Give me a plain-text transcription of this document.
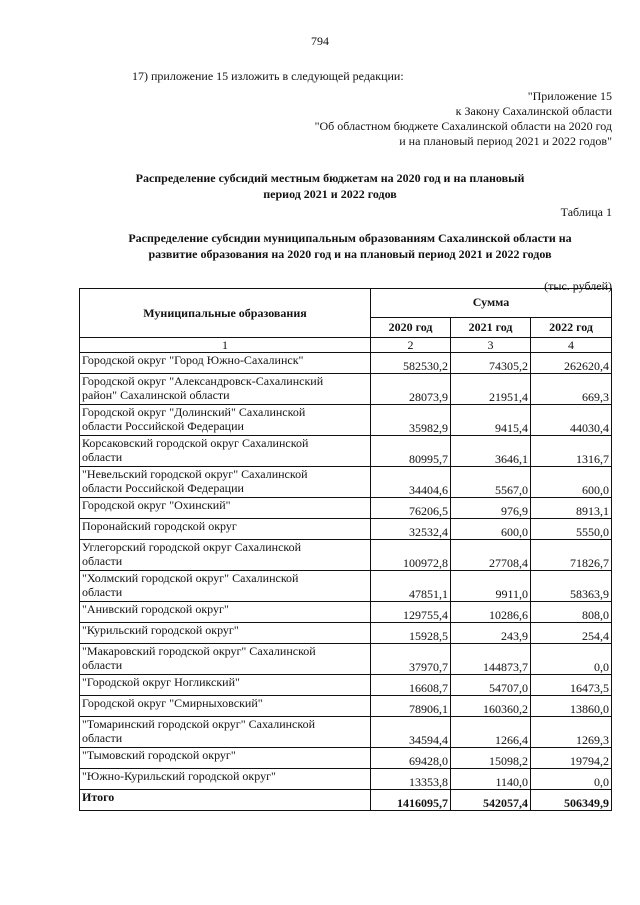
794
17) приложение 15 изложить в следующей редакции:
"Приложение 15
к Закону Сахалинской области
"Об областном бюджете Сахалинской области на 2020 год
и на плановый период 2021 и 2022 годов"
Распределение субсидий местным бюджетам на 2020 год и на плановый
период 2021 и 2022 годов
Таблица 1
Распределение субсидии муниципальным образованиям Сахалинской области на
развитие образования на 2020 год и на плановый период 2021 и 2022 годов
(тыс. рублей)
Муниципальные образования	Сумма		
	2020 год	2021 год	2022 год
1	2	3	4

Городской округ "Город Южно-Сахалинск"	582530,2	74305,2	262620,4

Городской округ "Александровск-Сахалинский
район" Сахалинской области	28073,9	21951,4	669,3

Городской округ "Долинский" Сахалинской
области Российской Федерации	35982,9	9415,4	44030,4

Корсаковский городской округ Сахалинской
области	80995,7	3646,1	1316,7

"Невельский городской округ" Сахалинской
области Российской Федерации	34404,6	5567,0	600,0

Городской округ "Охинский"	76206,5	976,9	8913,1

Поронайский городской округ	32532,4	600,0	5550,0

Углегорский городской округ Сахалинской
области	100972,8	27708,4	71826,7

"Холмский городской округ" Сахалинской
области	47851,1	9911,0	58363,9

"Анивский городской округ"	129755,4	10286,6	808,0

"Курильский городской округ"	15928,5	243,9	254,4

"Макаровский городской округ" Сахалинской
области	37970,7	144873,7	0,0

"Городской округ Ногликский"	16608,7	54707,0	16473,5

Городской округ "Смирныховский"	78906,1	160360,2	13860,0

"Томаринский городской округ" Сахалинской
области	34594,4	1266,4	1269,3

"Тымовский городской округ"	69428,0	15098,2	19794,2

"Южно-Курильский городской округ"	13353,8	1140,0	0,0
Итого	1416095,7	542057,4	506349,9
